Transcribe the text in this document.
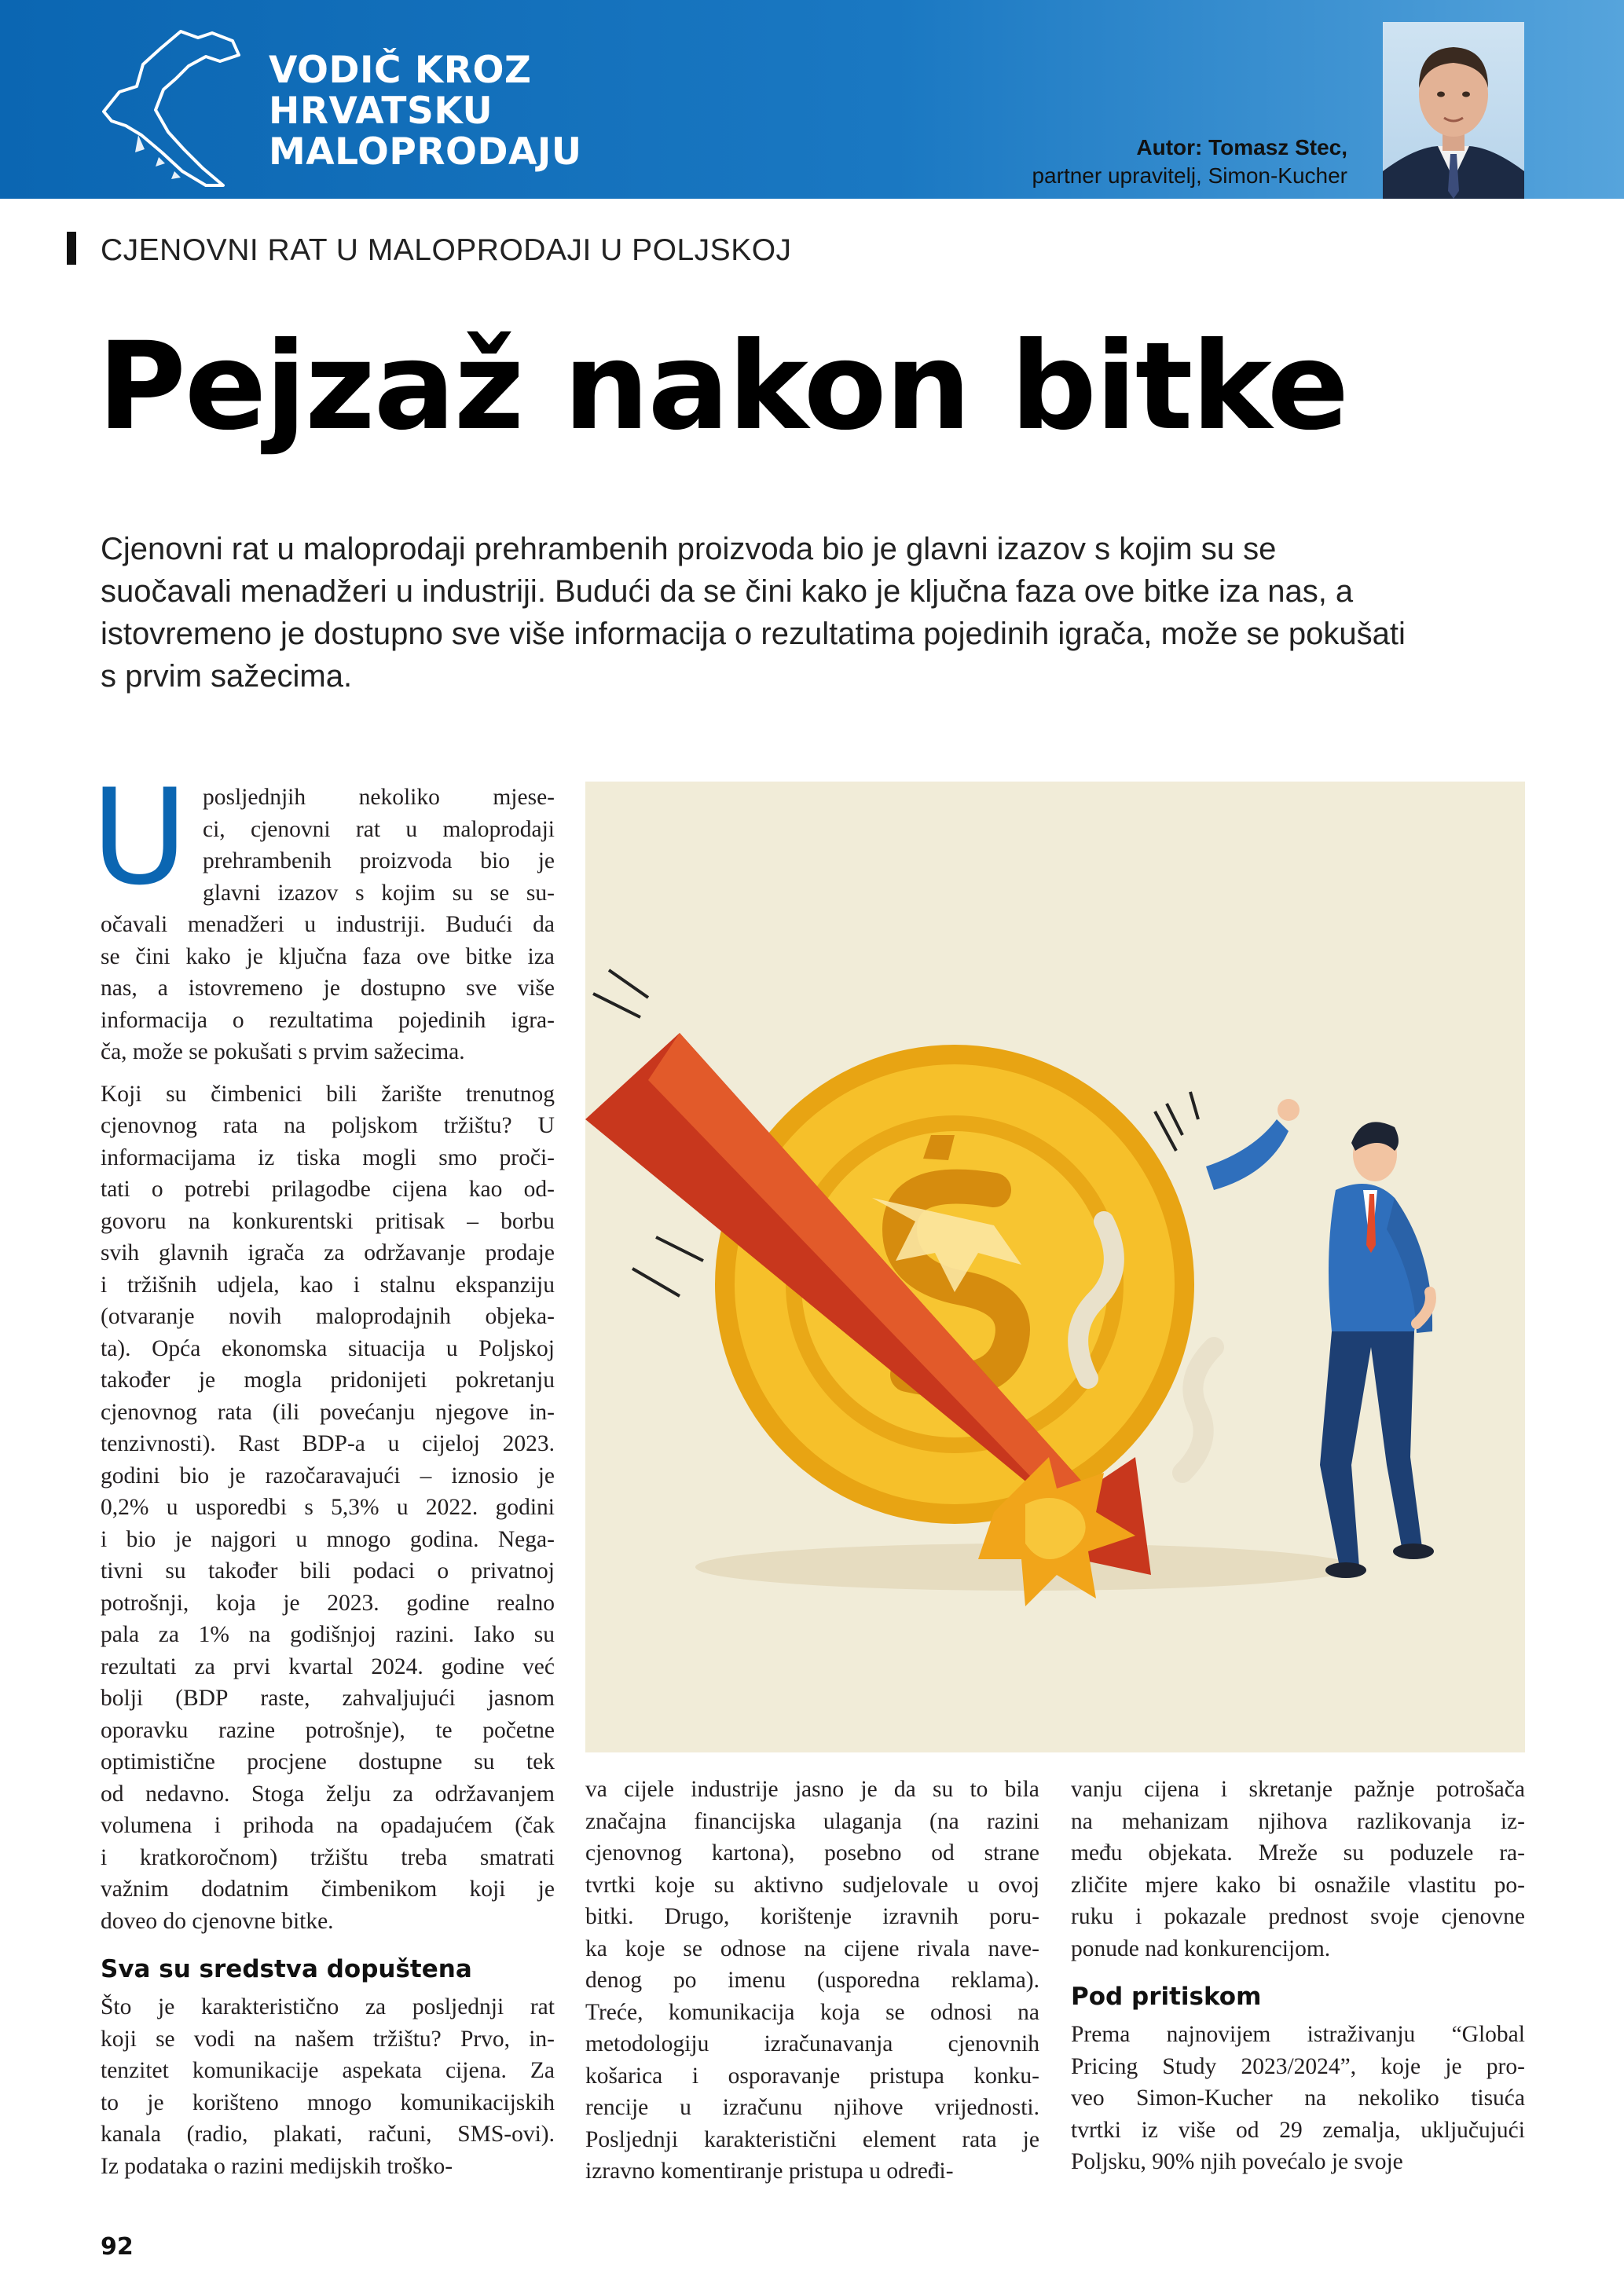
VODIČ KROZ
HRVATSKU
MALOPRODAJU	Autor: Tomasz Stec,
partner upravitelj, Simon-Kucher
CJENOVNI RAT U MALOPRODAJI U POLJSKOJ
Pejzaž nakon bitke
Cjenovni rat u maloprodaji prehrambenih proizvoda bio je glavni izazov s kojim su se
suočavali menadžeri u industriji. Budući da se čini kako je ključna faza ove bitke iza nas, a
istovremeno je dostupno sve više informacija o rezultatima pojedinih igrača, može se pokušati
s prvim sažecima.
U posljednjih nekoliko mjese-
ci, cjenovni rat u maloprodaji
prehrambenih proizvoda bio je
glavni izazov s kojim su se su-
očavali menadžeri u industriji. Budući da
se čini kako je ključna faza ove bitke iza
nas, a istovremeno je dostupno sve više
informacija o rezultatima pojedinih igra-
ča, može se pokušati s prvim sažecima.
Koji su čimbenici bili žarište trenutnog
cjenovnog rata na poljskom tržištu? U
informacijama iz tiska mogli smo proči-
tati o potrebi prilagodbe cijena kao od-
govoru na konkurentski pritisak – borbu
svih glavnih igrača za održavanje prodaje
i tržišnih udjela, kao i stalnu ekspanziju
(otvaranje novih maloprodajnih objeka-
ta). Opća ekonomska situacija u Poljskoj
također je mogla pridonijeti pokretanju
cjenovnog rata (ili povećanju njegove in-
tenzivnosti). Rast BDP-a u cijeloj 2023.
godini bio je razočaravajući – iznosio je
0,2% u usporedbi s 5,3% u 2022. godini
i bio je najgori u mnogo godina. Nega-
tivni su također bili podaci o privatnoj
potrošnji, koja je 2023. godine realno
pala za 1% na godišnjoj razini. Iako su
rezultati za prvi kvartal 2024. godine već
bolji (BDP raste, zahvaljujući jasnom
oporavku razine potrošnje), te početne
optimistične procjene dostupne su tek
od nedavno. Stoga želju za održavanjem
volumena i prihoda na opadajućem (čak
i kratkoročnom) tržištu treba smatrati
važnim dodatnim čimbenikom koji je
doveo do cjenovne bitke.
Sva su sredstva dopuštena
Što je karakteristično za posljednji rat
koji se vodi na našem tržištu? Prvo, in-
tenzitet komunikacije aspekata cijena. Za
to je korišteno mnogo komunikacijskih
kanala (radio, plakati, računi, SMS-ovi).
Iz podataka o razini medijskih troško-
va cijele industrije jasno je da su to bila
značajna financijska ulaganja (na razini
cjenovnog kartona), posebno od strane
tvrtki koje su aktivno sudjelovale u ovoj
bitki. Drugo, korištenje izravnih poru-
ka koje se odnose na cijene rivala nave-
denog po imenu (usporedna reklama).
Treće, komunikacija koja se odnosi na
metodologiju izračunavanja cjenovnih
košarica i osporavanje pristupa konku-
rencije u izračunu njihove vrijednosti.
Posljednji karakteristični element rata je
izravno komentiranje pristupa u određi-
vanju cijena i skretanje pažnje potrošača
na mehanizam njihova razlikovanja iz-
među objekata. Mreže su poduzele ra-
zličite mjere kako bi osnažile vlastitu po-
ruku i pokazale prednost svoje cjenovne
ponude nad konkurencijom.
Pod pritiskom
Prema najnovijem istraživanju “Global
Pricing Study 2023/2024”, koje je pro-
veo Simon-Kucher na nekoliko tisuća
tvrtki iz više od 29 zemalja, uključujući
Poljsku, 90% njih povećalo je svoje
92
